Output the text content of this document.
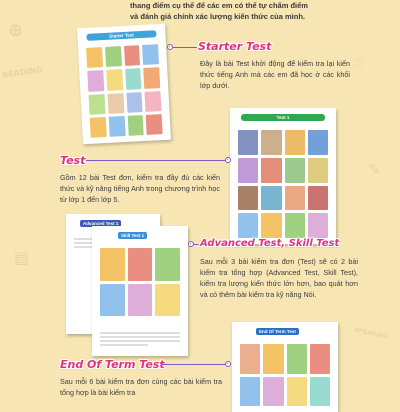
READING
⊕
☆
▤
✎
SPEAKING
thang điểm cụ thể để các em có thể tự chấm điểm và đánh giá chính xác lượng kiến thức của mình.
Starter Test
Starter Test
Đây là bài Test khởi động để kiểm tra lại kiến thức tiếng Anh mà các em đã học ở các khối lớp dưới.
Test 1
Test
Gồm 12 bài Test đơn, kiểm tra đầy đủ các kiến thức và kỹ năng tiếng Anh trong chương trình học từ lớp 1 đến lớp 5.
Advanced Test 1
Skill Test 1
Advanced Test, Skill Test
Sau mỗi 3 bài kiểm tra đơn (Test) sẽ có 2 bài kiểm tra tổng hợp (Advanced Test, Skill Test), kiểm tra lượng kiến thức lớn hơn, bao quát hơn và có thêm bài kiểm tra kỹ năng Nói.
End Of Term Test
End Of Term Test
Sau mỗi 6 bài kiểm tra đơn cùng các bài kiểm tra tổng hợp là bài kiểm tra
